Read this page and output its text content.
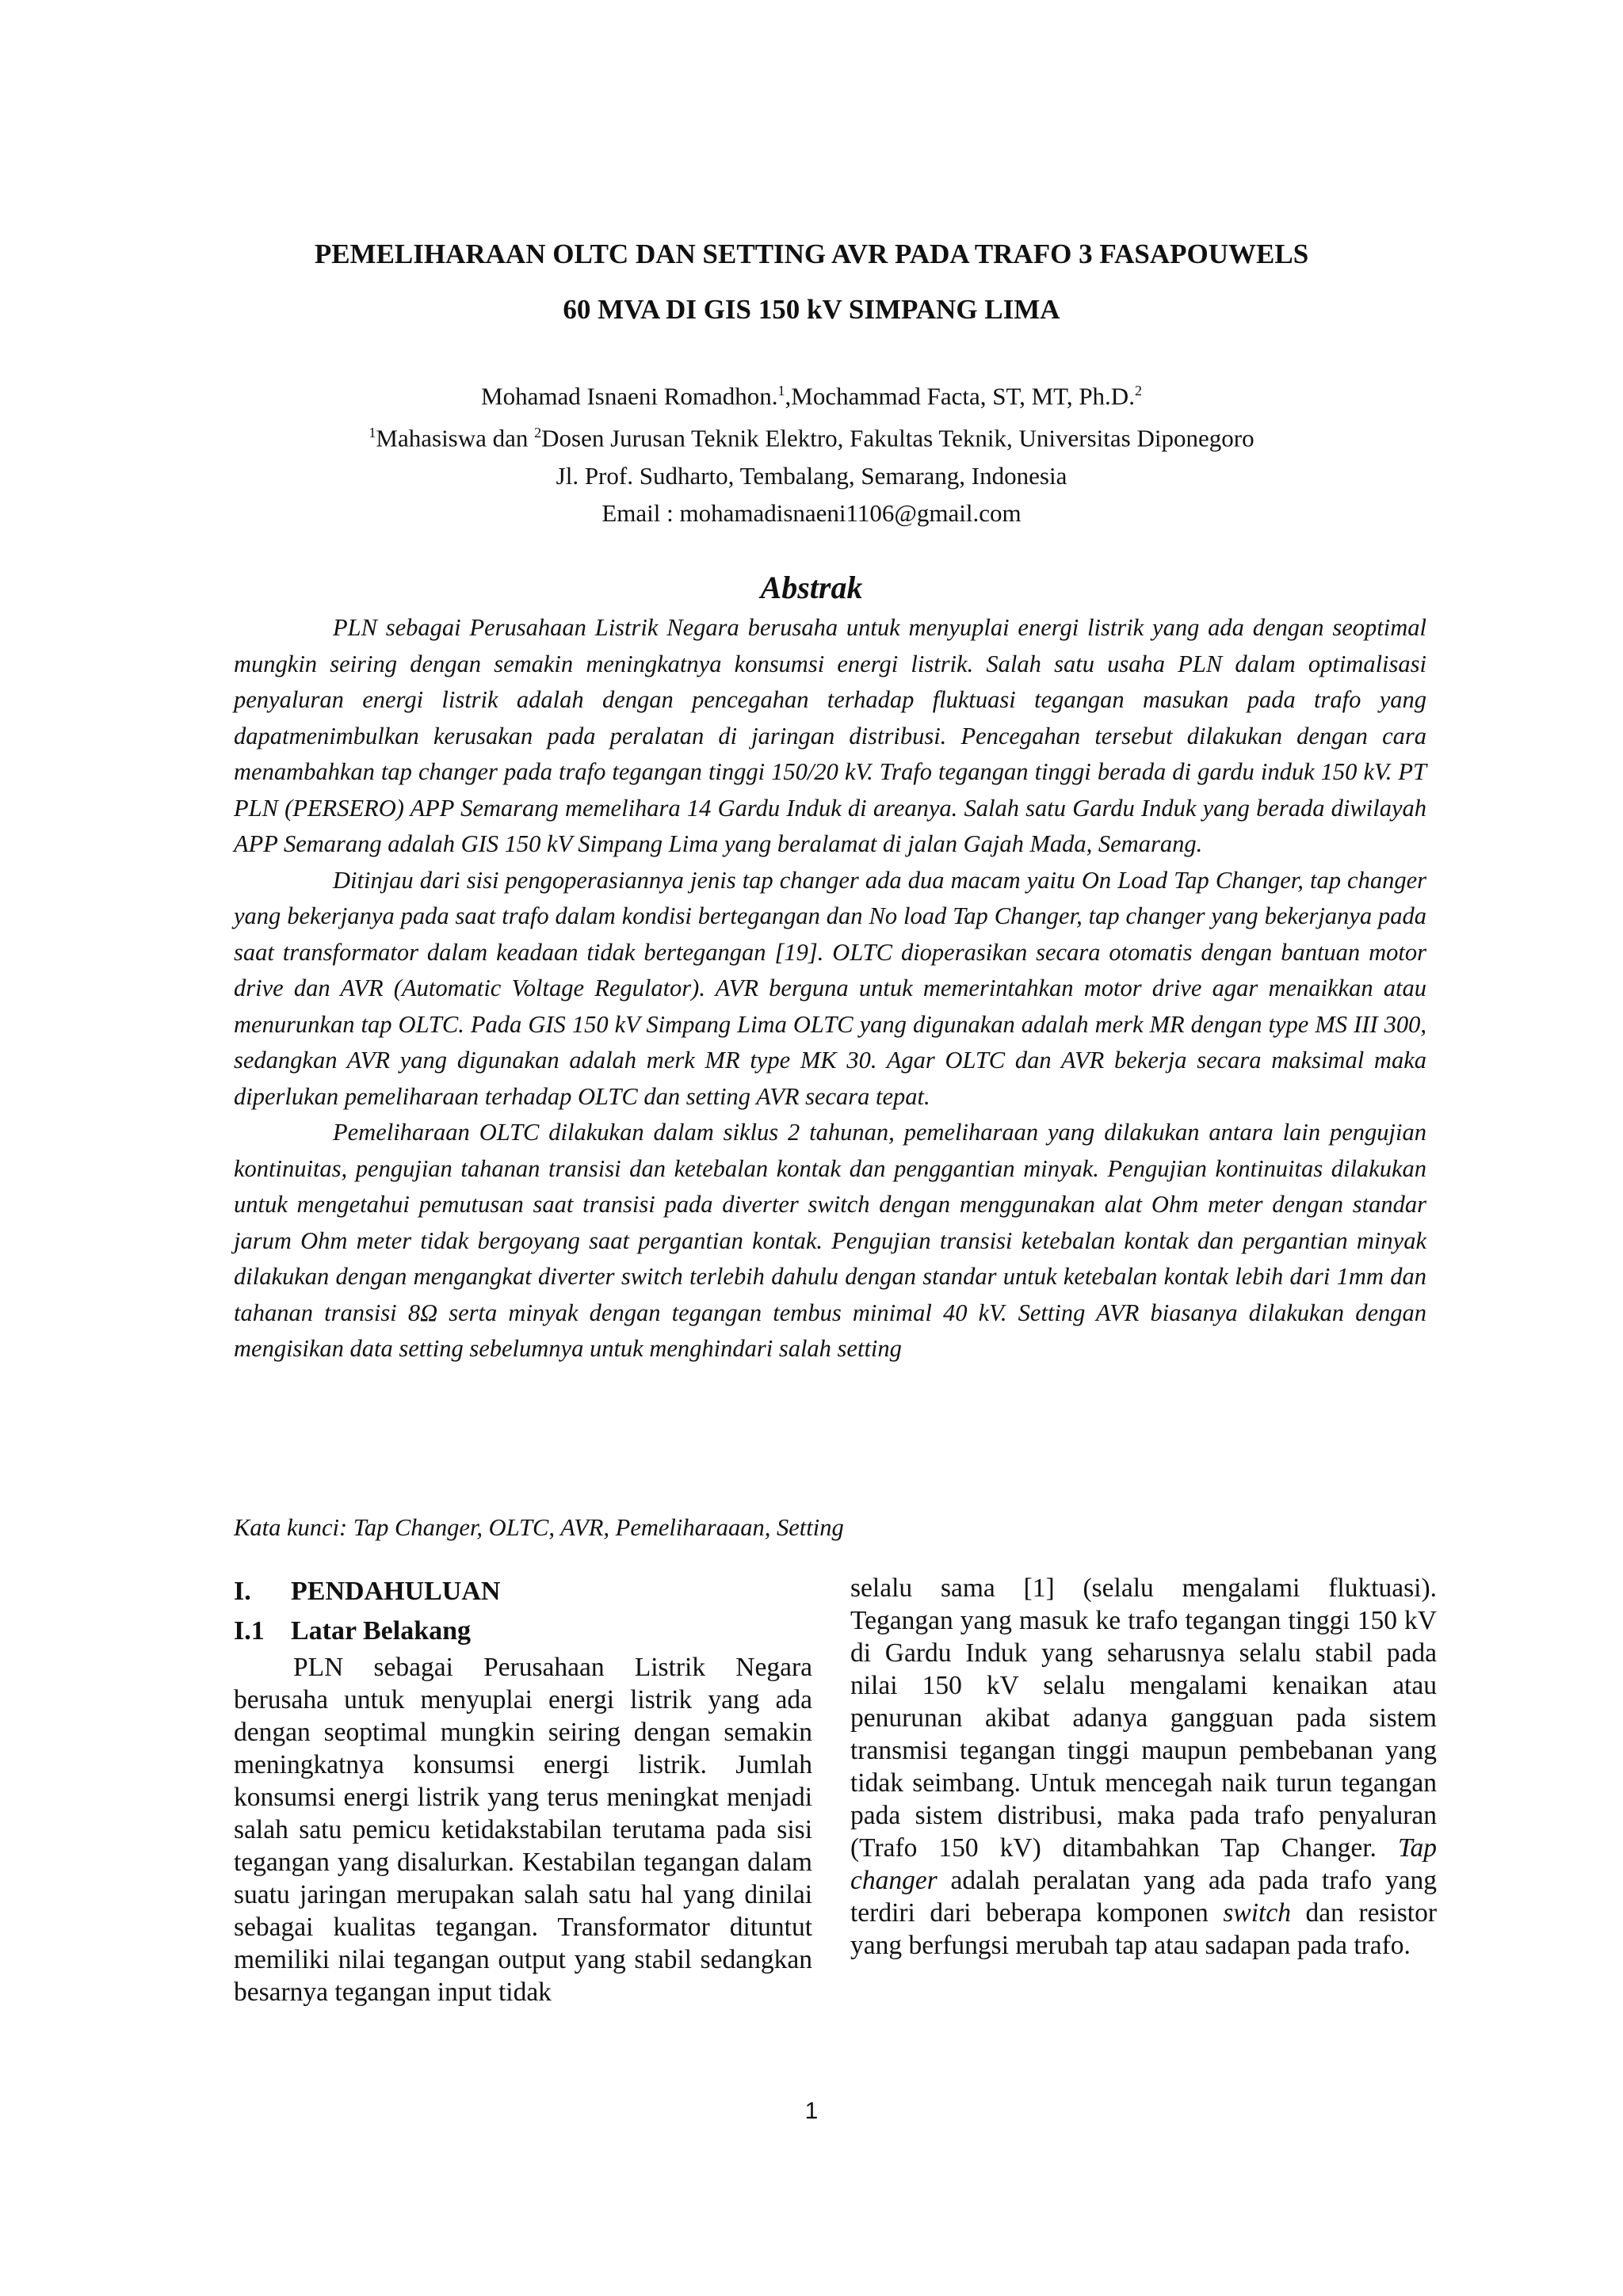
PEMELIHARAAN OLTC DAN SETTING AVR PADA TRAFO 3 FASAPOUWELS
60 MVA DI GIS 150 kV SIMPANG LIMA
Mohamad Isnaeni Romadhon.$^1$,Mochammad Facta, ST, MT, Ph.D.$^2$
$^1$Mahasiswa dan $^2$Dosen Jurusan Teknik Elektro, Fakultas Teknik, Universitas Diponegoro
Jl. Prof. Sudharto, Tembalang, Semarang, Indonesia
Email : mohamadisnaeni1106@gmail.com
Abstrak

PLN sebagai Perusahaan Listrik Negara berusaha untuk menyuplai energi listrik yang ada dengan seoptimal mungkin seiring dengan semakin meningkatnya konsumsi energi listrik. Salah satu usaha PLN dalam optimalisasi penyaluran energi listrik adalah dengan pencegahan terhadap fluktuasi tegangan masukan pada trafo yang dapatmenimbulkan kerusakan pada peralatan di jaringan distribusi. Pencegahan tersebut dilakukan dengan cara menambahkan tap changer pada trafo tegangan tinggi 150/20 kV. Trafo tegangan tinggi berada di gardu induk 150 kV. PT PLN (PERSERO) APP Semarang memelihara 14 Gardu Induk di areanya. Salah satu Gardu Induk yang berada diwilayah APP Semarang adalah GIS 150 kV Simpang Lima yang beralamat di jalan Gajah Mada, Semarang.

Ditinjau dari sisi pengoperasiannya jenis tap changer ada dua macam yaitu On Load Tap Changer, tap changer yang bekerjanya pada saat trafo dalam kondisi bertegangan dan No load Tap Changer, tap changer yang bekerjanya pada saat transformator dalam keadaan tidak bertegangan [19]. OLTC dioperasikan secara otomatis dengan bantuan motor drive dan AVR (Automatic Voltage Regulator). AVR berguna untuk memerintahkan motor drive agar menaikkan atau menurunkan tap OLTC. Pada GIS 150 kV Simpang Lima OLTC yang digunakan adalah merk MR dengan type MS III 300, sedangkan AVR yang digunakan adalah merk MR type MK 30. Agar OLTC dan AVR bekerja secara maksimal maka diperlukan pemeliharaan terhadap OLTC dan setting AVR secara tepat.

Pemeliharaan OLTC dilakukan dalam siklus 2 tahunan, pemeliharaan yang dilakukan antara lain pengujian kontinuitas, pengujian tahanan transisi dan ketebalan kontak dan penggantian minyak. Pengujian kontinuitas dilakukan untuk mengetahui pemutusan saat transisi pada diverter switch dengan menggunakan alat Ohm meter dengan standar jarum Ohm meter tidak bergoyang saat pergantian kontak. Pengujian transisi ketebalan kontak dan pergantian minyak dilakukan dengan mengangkat diverter switch terlebih dahulu dengan standar untuk ketebalan kontak lebih dari 1mm dan tahanan transisi 8Ω serta minyak dengan tegangan tembus minimal 40 kV. Setting AVR biasanya dilakukan dengan mengisikan data setting sebelumnya untuk menghindari salah setting

Kata kunci: Tap Changer, OLTC, AVR, Pemeliharaaan, Setting
I.	PENDAHULUAN
I.1 Latar Belakang

PLN sebagai Perusahaan Listrik Negara berusaha untuk menyuplai energi listrik yang ada dengan seoptimal mungkin seiring dengan semakin meningkatnya konsumsi energi listrik. Jumlah konsumsi energi listrik yang terus meningkat menjadi salah satu pemicu ketidakstabilan terutama pada sisi tegangan yang disalurkan. Kestabilan tegangan dalam suatu jaringan merupakan salah satu hal yang dinilai sebagai kualitas tegangan. Transformator dituntut memiliki nilai tegangan output yang stabil sedangkan besarnya tegangan input tidak

selalu sama [1] (selalu mengalami fluktuasi). Tegangan yang masuk ke trafo tegangan tinggi 150 kV di Gardu Induk yang seharusnya selalu stabil pada nilai 150 kV selalu mengalami kenaikan atau penurunan akibat adanya gangguan pada sistem transmisi tegangan tinggi maupun pembebanan yang tidak seimbang. Untuk mencegah naik turun tegangan pada sistem distribusi, maka pada trafo penyaluran (Trafo 150 kV) ditambahkan Tap Changer. Tap changer adalah peralatan yang ada pada trafo yang terdiri dari beberapa komponen switch dan resistor yang berfungsi merubah tap atau sadapan pada trafo.

1
